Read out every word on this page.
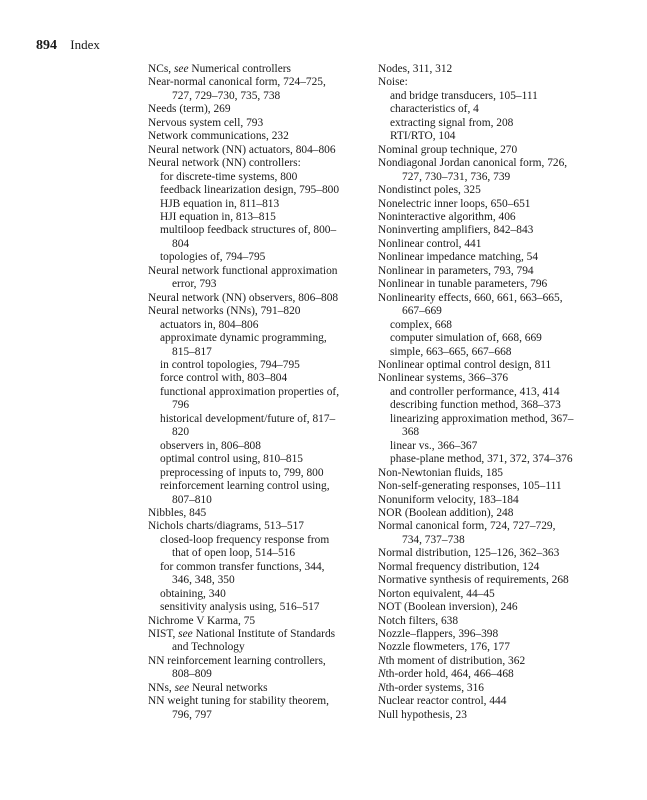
894 Index
NCs, see Numerical controllers
Near-normal canonical form, 724–725,
727, 729–730, 735, 738
Needs (term), 269
Nervous system cell, 793
Network communications, 232
Neural network (NN) actuators, 804–806
Neural network (NN) controllers:
for discrete-time systems, 800
feedback linearization design, 795–800
HJB equation in, 811–813
HJI equation in, 813–815
multiloop feedback structures of, 800–
804
topologies of, 794–795
Neural network functional approximation
error, 793
Neural network (NN) observers, 806–808
Neural networks (NNs), 791–820
actuators in, 804–806
approximate dynamic programming,
815–817
in control topologies, 794–795
force control with, 803–804
functional approximation properties of,
796
historical development/future of, 817–
820
observers in, 806–808
optimal control using, 810–815
preprocessing of inputs to, 799, 800
reinforcement learning control using,
807–810
Nibbles, 845
Nichols charts/diagrams, 513–517
closed-loop frequency response from
that of open loop, 514–516
for common transfer functions, 344,
346, 348, 350
obtaining, 340
sensitivity analysis using, 516–517
Nichrome V Karma, 75
NIST, see National Institute of Standards
and Technology
NN reinforcement learning controllers,
808–809
NNs, see Neural networks
NN weight tuning for stability theorem,
796, 797
Nodes, 311, 312
Noise:
and bridge transducers, 105–111
characteristics of, 4
extracting signal from, 208
RTI/RTO, 104
Nominal group technique, 270
Nondiagonal Jordan canonical form, 726,
727, 730–731, 736, 739
Nondistinct poles, 325
Nonelectric inner loops, 650–651
Noninteractive algorithm, 406
Noninverting amplifiers, 842–843
Nonlinear control, 441
Nonlinear impedance matching, 54
Nonlinear in parameters, 793, 794
Nonlinear in tunable parameters, 796
Nonlinearity effects, 660, 661, 663–665,
667–669
complex, 668
computer simulation of, 668, 669
simple, 663–665, 667–668
Nonlinear optimal control design, 811
Nonlinear systems, 366–376
and controller performance, 413, 414
describing function method, 368–373
linearizing approximation method, 367–
368
linear vs., 366–367
phase-plane method, 371, 372, 374–376
Non-Newtonian fluids, 185
Non-self-generating responses, 105–111
Nonuniform velocity, 183–184
NOR (Boolean addition), 248
Normal canonical form, 724, 727–729,
734, 737–738
Normal distribution, 125–126, 362–363
Normal frequency distribution, 124
Normative synthesis of requirements, 268
Norton equivalent, 44–45
NOT (Boolean inversion), 246
Notch filters, 638
Nozzle–flappers, 396–398
Nozzle flowmeters, 176, 177
Nth moment of distribution, 362
Nth-order hold, 464, 466–468
Nth-order systems, 316
Nuclear reactor control, 444
Null hypothesis, 23
